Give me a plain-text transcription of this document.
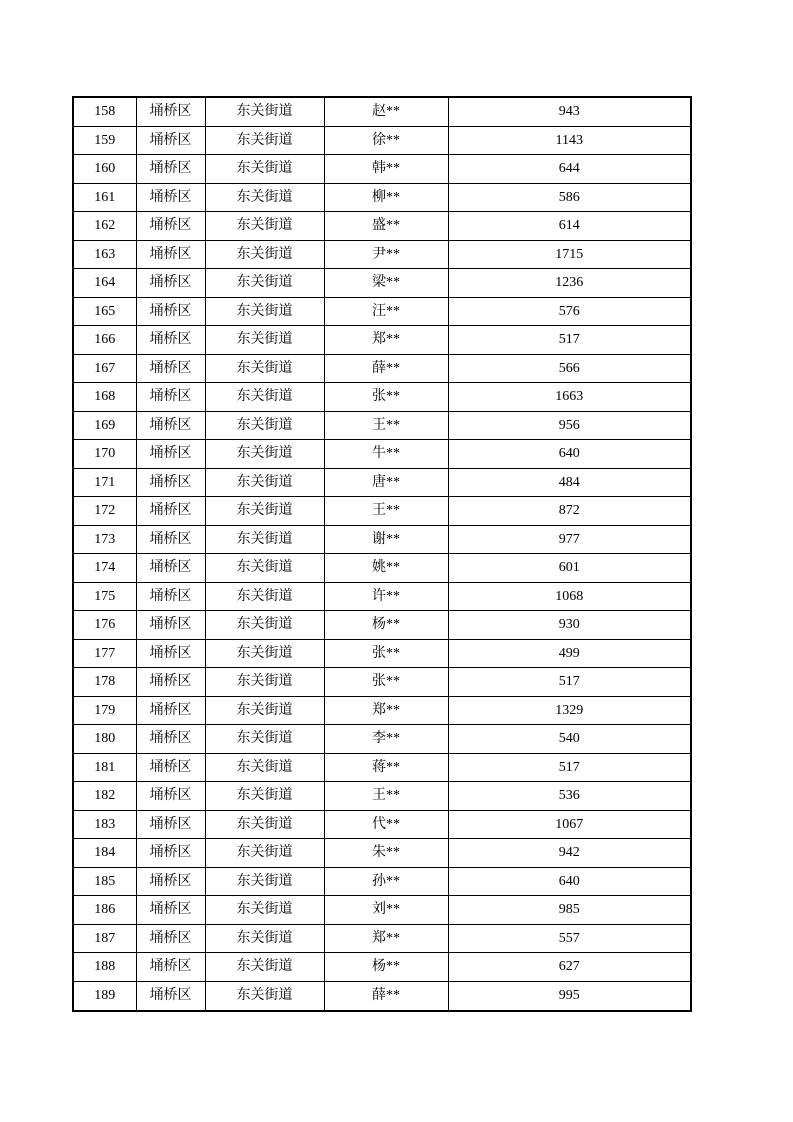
158	埇桥区	东关街道	赵**	943
159	埇桥区	东关街道	徐**	1143
160	埇桥区	东关街道	韩**	644
161	埇桥区	东关街道	柳**	586
162	埇桥区	东关街道	盛**	614
163	埇桥区	东关街道	尹**	1715
164	埇桥区	东关街道	梁**	1236
165	埇桥区	东关街道	汪**	576
166	埇桥区	东关街道	郑**	517
167	埇桥区	东关街道	薛**	566
168	埇桥区	东关街道	张**	1663
169	埇桥区	东关街道	王**	956
170	埇桥区	东关街道	牛**	640
171	埇桥区	东关街道	唐**	484
172	埇桥区	东关街道	王**	872
173	埇桥区	东关街道	谢**	977
174	埇桥区	东关街道	姚**	601
175	埇桥区	东关街道	许**	1068
176	埇桥区	东关街道	杨**	930
177	埇桥区	东关街道	张**	499
178	埇桥区	东关街道	张**	517
179	埇桥区	东关街道	郑**	1329
180	埇桥区	东关街道	李**	540
181	埇桥区	东关街道	蒋**	517
182	埇桥区	东关街道	王**	536
183	埇桥区	东关街道	代**	1067
184	埇桥区	东关街道	朱**	942
185	埇桥区	东关街道	孙**	640
186	埇桥区	东关街道	刘**	985
187	埇桥区	东关街道	郑**	557
188	埇桥区	东关街道	杨**	627
189	埇桥区	东关街道	薛**	995
